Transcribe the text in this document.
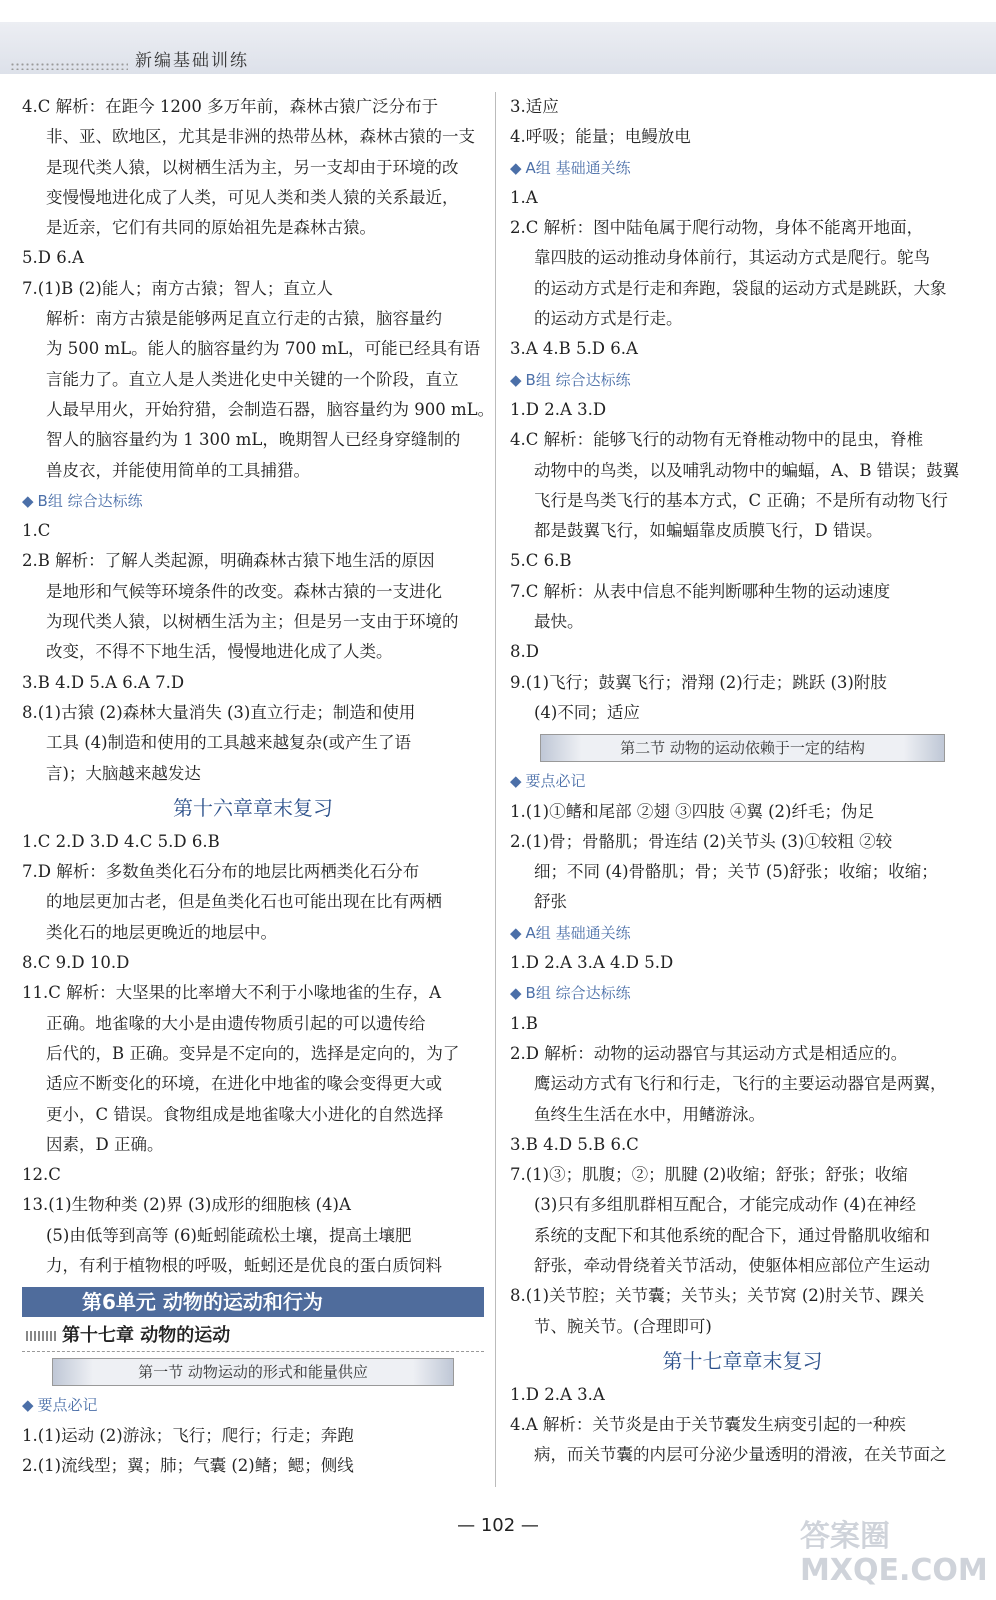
新编基础训练
4.C 解析：在距今 1200 多万年前，森林古猿广泛分布于
非、亚、欧地区，尤其是非洲的热带丛林，森林古猿的一支
是现代类人猿，以树栖生活为主，另一支却由于环境的改
变慢慢地进化成了人类，可见人类和类人猿的关系最近，
是近亲，它们有共同的原始祖先是森林古猿。
5.D 6.A
7.(1)B (2)能人；南方古猿；智人；直立人
解析：南方古猿是能够两足直立行走的古猿，脑容量约
为 500 mL。能人的脑容量约为 700 mL，可能已经具有语
言能力了。直立人是人类进化史中关键的一个阶段，直立
人最早用火，开始狩猎，会制造石器，脑容量约为 900 mL。
智人的脑容量约为 1 300 mL，晚期智人已经身穿缝制的
兽皮衣，并能使用简单的工具捕猎。
◆ B组 综合达标练
1.C
2.B 解析：了解人类起源，明确森林古猿下地生活的原因
是地形和气候等环境条件的改变。森林古猿的一支进化
为现代类人猿，以树栖生活为主；但是另一支由于环境的
改变，不得不下地生活，慢慢地进化成了人类。
3.B 4.D 5.A 6.A 7.D
8.(1)古猿 (2)森林大量消失 (3)直立行走；制造和使用
工具 (4)制造和使用的工具越来越复杂(或产生了语
言)；大脑越来越发达
第十六章章末复习
1.C 2.D 3.D 4.C 5.D 6.B
7.D 解析：多数鱼类化石分布的地层比两栖类化石分布
的地层更加古老，但是鱼类化石也可能出现在比有两栖
类化石的地层更晚近的地层中。
8.C 9.D 10.D
11.C 解析：大坚果的比率增大不利于小喙地雀的生存，A
正确。地雀喙的大小是由遗传物质引起的可以遗传给
后代的，B 正确。变异是不定向的，选择是定向的，为了
适应不断变化的环境，在进化中地雀的喙会变得更大或
更小，C 错误。食物组成是地雀喙大小进化的自然选择
因素，D 正确。
12.C
13.(1)生物种类 (2)界 (3)成形的细胞核 (4)A
(5)由低等到高等 (6)蚯蚓能疏松土壤，提高土壤肥
力，有利于植物根的呼吸，蚯蚓还是优良的蛋白质饲料
第6单元 动物的运动和行为
第十七章 动物的运动
第一节 动物运动的形式和能量供应
◆ 要点必记
1.(1)运动 (2)游泳；飞行；爬行；行走；奔跑
2.(1)流线型；翼；肺；气囊 (2)鳍；鳃；侧线
3.适应
4.呼吸；能量；电鳗放电
◆ A组 基础通关练
1.A
2.C 解析：图中陆龟属于爬行动物，身体不能离开地面，
靠四肢的运动推动身体前行，其运动方式是爬行。鸵鸟
的运动方式是行走和奔跑，袋鼠的运动方式是跳跃，大象
的运动方式是行走。
3.A 4.B 5.D 6.A
◆ B组 综合达标练
1.D 2.A 3.D
4.C 解析：能够飞行的动物有无脊椎动物中的昆虫，脊椎
动物中的鸟类，以及哺乳动物中的蝙蝠，A、B 错误；鼓翼
飞行是鸟类飞行的基本方式，C 正确；不是所有动物飞行
都是鼓翼飞行，如蝙蝠靠皮质膜飞行，D 错误。
5.C 6.B
7.C 解析：从表中信息不能判断哪种生物的运动速度
最快。
8.D
9.(1)飞行；鼓翼飞行；滑翔 (2)行走；跳跃 (3)附肢
(4)不同；适应
第二节 动物的运动依赖于一定的结构
◆ 要点必记
1.(1)①鳍和尾部 ②翅 ③四肢 ④翼 (2)纤毛；伪足
2.(1)骨；骨骼肌；骨连结 (2)关节头 (3)①较粗 ②较
细；不同 (4)骨骼肌；骨；关节 (5)舒张；收缩；收缩；
舒张
◆ A组 基础通关练
1.D 2.A 3.A 4.D 5.D
◆ B组 综合达标练
1.B
2.D 解析：动物的运动器官与其运动方式是相适应的。
鹰运动方式有飞行和行走，飞行的主要运动器官是两翼，
鱼终生生活在水中，用鳍游泳。
3.B 4.D 5.B 6.C
7.(1)③；肌腹；②；肌腱 (2)收缩；舒张；舒张；收缩
(3)只有多组肌群相互配合，才能完成动作 (4)在神经
系统的支配下和其他系统的配合下，通过骨骼肌收缩和
舒张，牵动骨绕着关节活动，使躯体相应部位产生运动
8.(1)关节腔；关节囊；关节头；关节窝 (2)肘关节、踝关
节、腕关节。(合理即可)
第十七章章末复习
1.D 2.A 3.A
4.A 解析：关节炎是由于关节囊发生病变引起的一种疾
病，而关节囊的内层可分泌少量透明的滑液，在关节面之
— 102 —	答案圈
MXQE.COM
